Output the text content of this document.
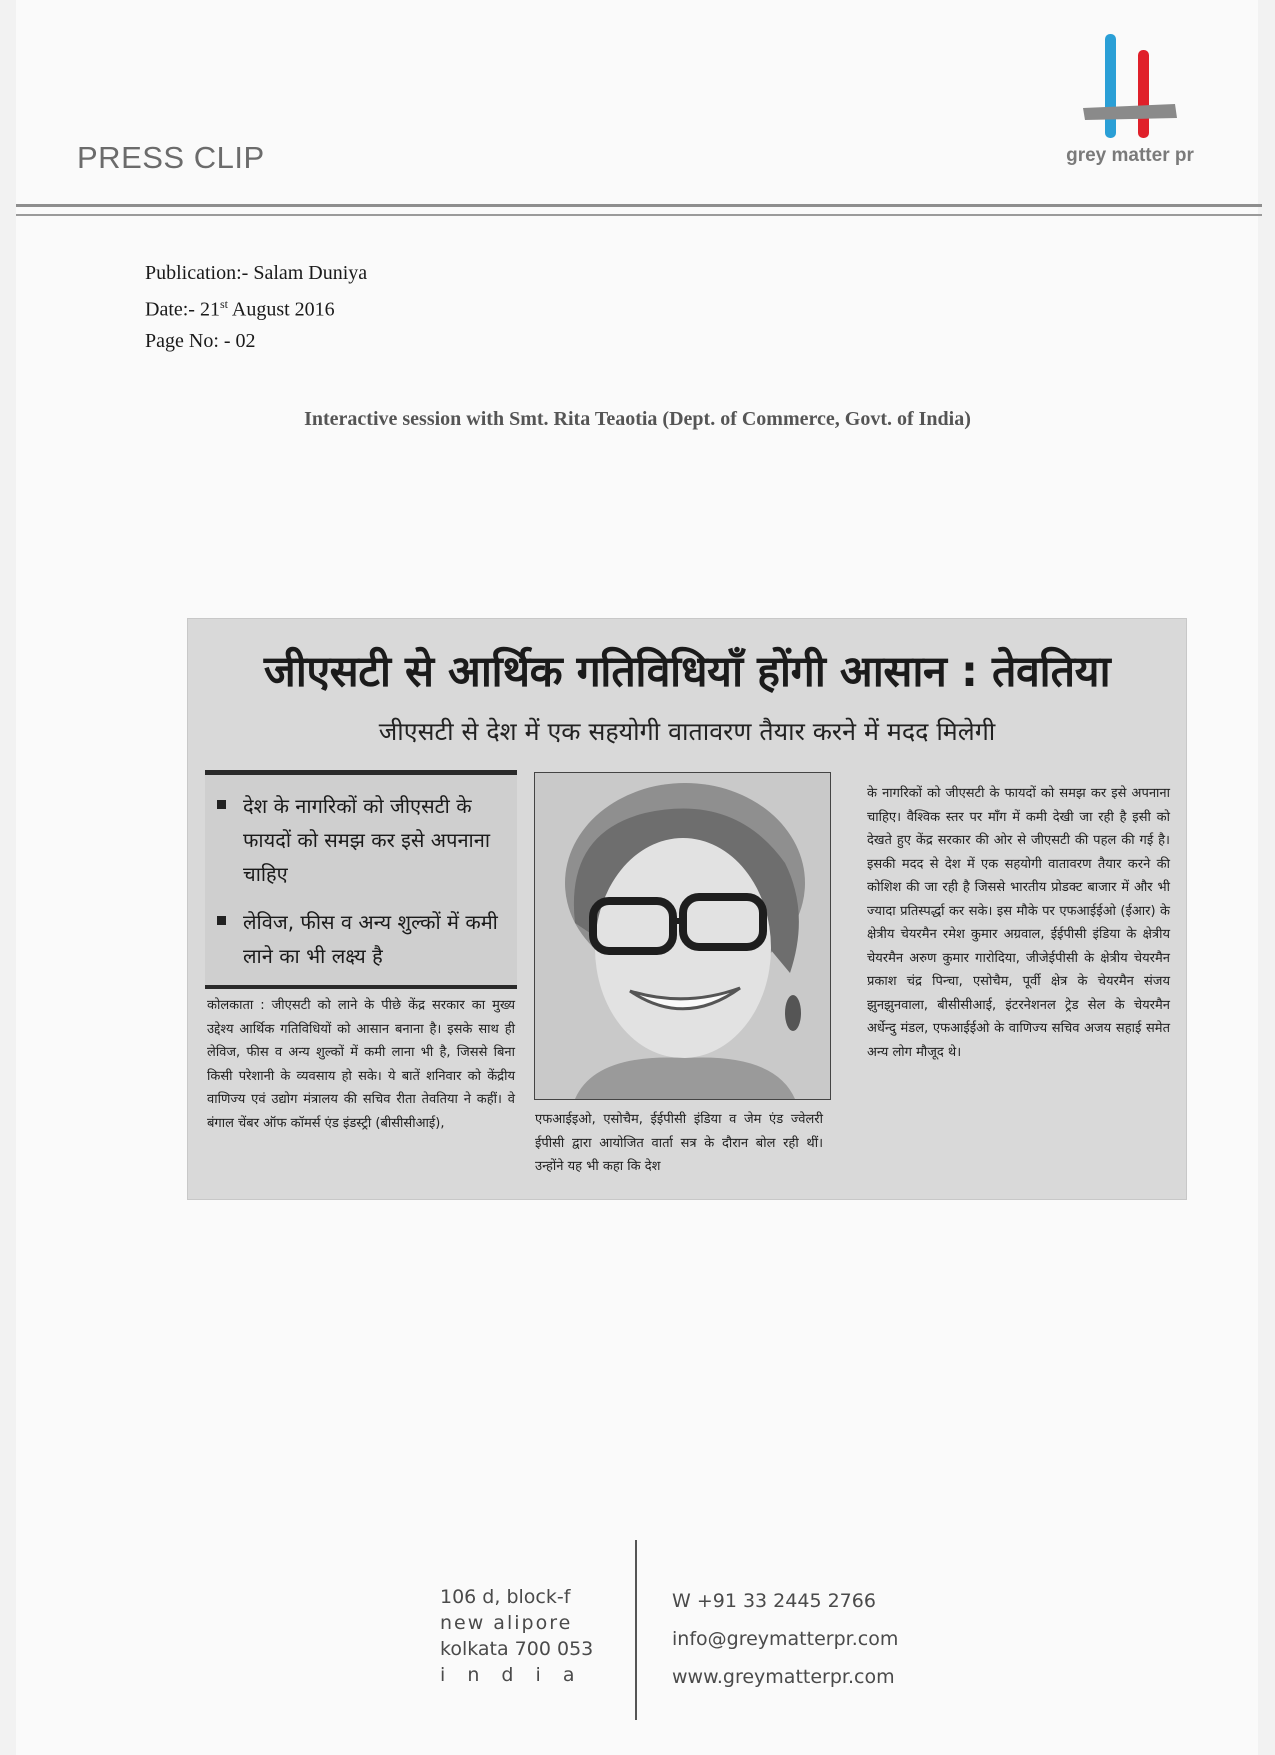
PRESS CLIP	grey matter pr
Publication:- Salam Duniya
Date:- 21st August 2016
Page No: - 02
Interactive session with Smt. Rita Teaotia (Dept. of Commerce, Govt. of India)
जीएसटी से आर्थिक गतिविधियाँ होंगी आसान : तेवतिया
जीएसटी से देश में एक सहयोगी वातावरण तैयार करने में मदद मिलेगी
देश के नागरिकों को जीएसटी के फायदों को समझ कर इसे अपनाना चाहिए
लेविज, फीस व अन्य शुल्कों में कमी लाने का भी लक्ष्य है
कोलकाता : जीएसटी को लाने के पीछे केंद्र सरकार का मुख्य उद्देश्य आर्थिक गतिविधियों को आसान बनाना है। इसके साथ ही लेविज, फीस व अन्य शुल्कों में कमी लाना भी है, जिससे बिना किसी परेशानी के व्यवसाय हो सके। ये बातें शनिवार को केंद्रीय वाणिज्य एवं उद्योग मंत्रालय की सचिव रीता तेवतिया ने कहीं। वे बंगाल चेंबर ऑफ कॉमर्स एंड इंडस्ट्री (बीसीसीआई),	एफआईइओ, एसोचैम, ईईपीसी इंडिया व जेम एंड ज्वेलरी ईपीसी द्वारा आयोजित वार्ता सत्र के दौरान बोल रही थीं। उन्होंने यह भी कहा कि देश
के नागरिकों को जीएसटी के फायदों को समझ कर इसे अपनाना चाहिए। वैश्विक स्तर पर माँग में कमी देखी जा रही है इसी को देखते हुए केंद्र सरकार की ओर से जीएसटी की पहल की गई है। इसकी मदद से देश में एक सहयोगी वातावरण तैयार करने की कोशिश की जा रही है जिससे भारतीय प्रोडक्ट बाजार में और भी ज्यादा प्रतिस्पर्द्धा कर सके। इस मौके पर एफआईईओ (ईआर) के क्षेत्रीय चेयरमैन रमेश कुमार अग्रवाल, ईईपीसी इंडिया के क्षेत्रीय चेयरमैन अरुण कुमार गारोदिया, जीजेईपीसी के क्षेत्रीय चेयरमैन प्रकाश चंद्र पिन्चा, एसोचैम, पूर्वी क्षेत्र के चेयरमैन संजय झुनझुनवाला, बीसीसीआई, इंटरनेशनल ट्रेड सेल के चेयरमैन अर्धेन्दु मंडल, एफआईईओ के वाणिज्य सचिव अजय सहाई समेत अन्य लोग मौजूद थे।
106 d, block-f
new alipore
kolkata 700 053
i n d i a
W +91 33 2445 2766
info@greymatterpr.com
www.greymatterpr.com
